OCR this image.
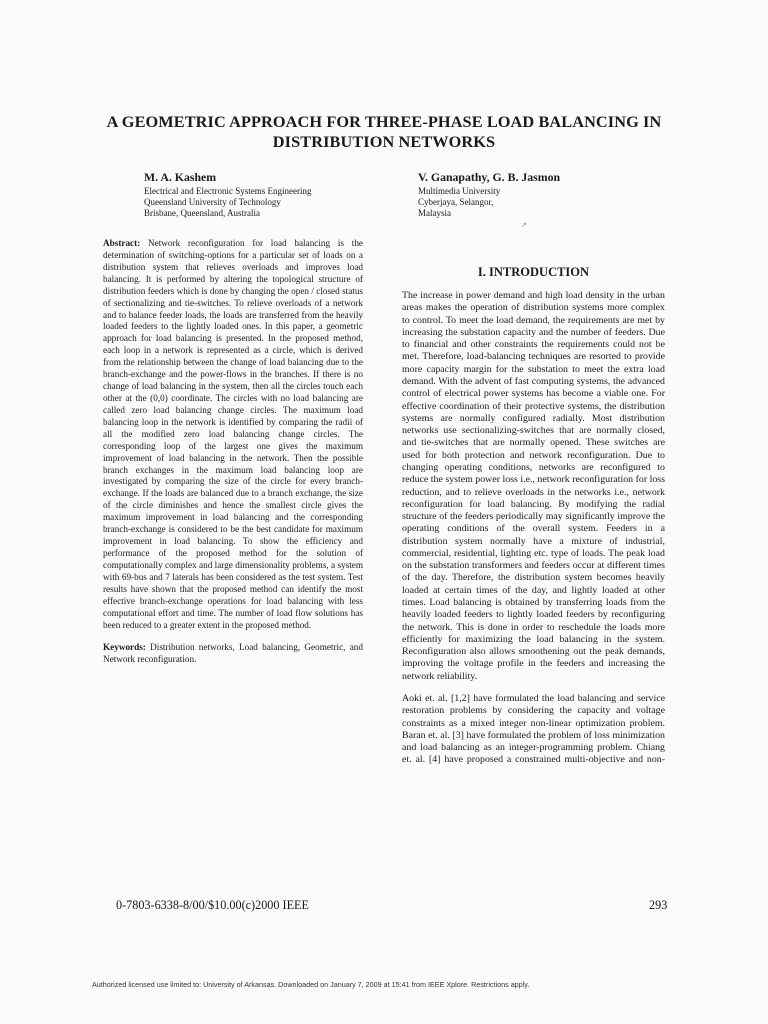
A GEOMETRIC APPROACH FOR THREE-PHASE LOAD BALANCING IN
DISTRIBUTION NETWORKS
M. A. Kashem
Electrical and Electronic Systems Engineering
Queensland University of Technology
Brisbane, Queensland, Australia
V. Ganapathy, G. B. Jasmon
Multimedia University
Cyberjaya, Selangor,
Malaysia
↗

Abstract: Network reconfiguration for load balancing is the determination of switching-options for a particular set of loads on a distribution system that relieves overloads and improves load balancing. It is performed by altering the topological structure of distribution feeders which is done by changing the open / closed status of sectionalizing and tie-switches. To relieve overloads of a network and to balance feeder loads, the loads are transferred from the heavily loaded feeders to the lightly loaded ones. In this paper, a geometric approach for load balancing is presented. In the proposed method, each loop in a network is represented as a circle, which is derived from the relationship between the change of load balancing due to the branch-exchange and the power-flows in the branches. If there is no change of load balancing in the system, then all the circles touch each other at the (0,0) coordinate. The circles with no load balancing are called zero load balancing change circles. The maximum load balancing loop in the network is identified by comparing the radii of all the modified zero load balancing change circles. The corresponding loop of the largest one gives the maximum improvement of load balancing in the network. Then the possible branch exchanges in the maximum load balancing loop are investigated by comparing the size of the circle for every branch-exchange. If the loads are balanced due to a branch exchange, the size of the circle diminishes and hence the smallest circle gives the maximum improvement in load balancing and the corresponding branch-exchange is considered to be the best candidate for maximum improvement in load balancing. To show the efficiency and performance of the proposed method for the solution of computationally complex and large dimensionality problems, a system with 69-bus and 7 laterals has been considered as the test system. Test results have shown that the proposed method can identify the most effective branch-exchange operations for load balancing with less computational effort and time. The number of load flow solutions has been reduced to a greater extent in the proposed method.

Keywords: Distribution networks, Load balancing, Geometric, and Network reconfiguration.

I. INTRODUCTION

The increase in power demand and high load density in the urban areas makes the operation of distribution systems more complex to control. To meet the load demand, the requirements are met by increasing the substation capacity and the number of feeders. Due to financial and other constraints the requirements could not be met. Therefore, load-balancing techniques are resorted to provide more capacity margin for the substation to meet the extra load demand. With the advent of fast computing systems, the advanced control of electrical power systems has become a viable one. For effective coordination of their protective systems, the distribution systems are normally configured radially. Most distribution networks use sectionalizing-switches that are normally closed, and tie-switches that are normally opened. These switches are used for both protection and network reconfiguration. Due to changing operating conditions, networks are reconfigured to reduce the system power loss i.e., network reconfiguration for loss reduction, and to relieve overloads in the networks i.e., network reconfiguration for load balancing. By modifying the radial structure of the feeders periodically may significantly improve the operating conditions of the overall system. Feeders in a distribution system normally have a mixture of industrial, commercial, residential, lighting etc. type of loads. The peak load on the substation transformers and feeders occur at different times of the day. Therefore, the distribution system becomes heavily loaded at certain times of the day, and lightly loaded at other times. Load balancing is obtained by transferring loads from the heavily loaded feeders to lightly loaded feeders by reconfiguring the network. This is done in order to reschedule the loads more efficiently for maximizing the load balancing in the system. Reconfiguration also allows smoothening out the peak demands, improving the voltage profile in the feeders and increasing the network reliability.

Aoki et. al. [1,2] have formulated the load balancing and service restoration problems by considering the capacity and voltage constraints as a mixed integer non-linear optimization problem. Baran et. al. [3] have formulated the problem of loss minimization and load balancing as an integer-programming problem. Chiang et. al. [4] have proposed a constrained multi-objective and non-

0-7803-6338-8/00/$10.00(c)2000 IEEE	293
Authorized licensed use limited to: University of Arkansas. Downloaded on January 7, 2009 at 15:41 from IEEE Xplore. Restrictions apply.
